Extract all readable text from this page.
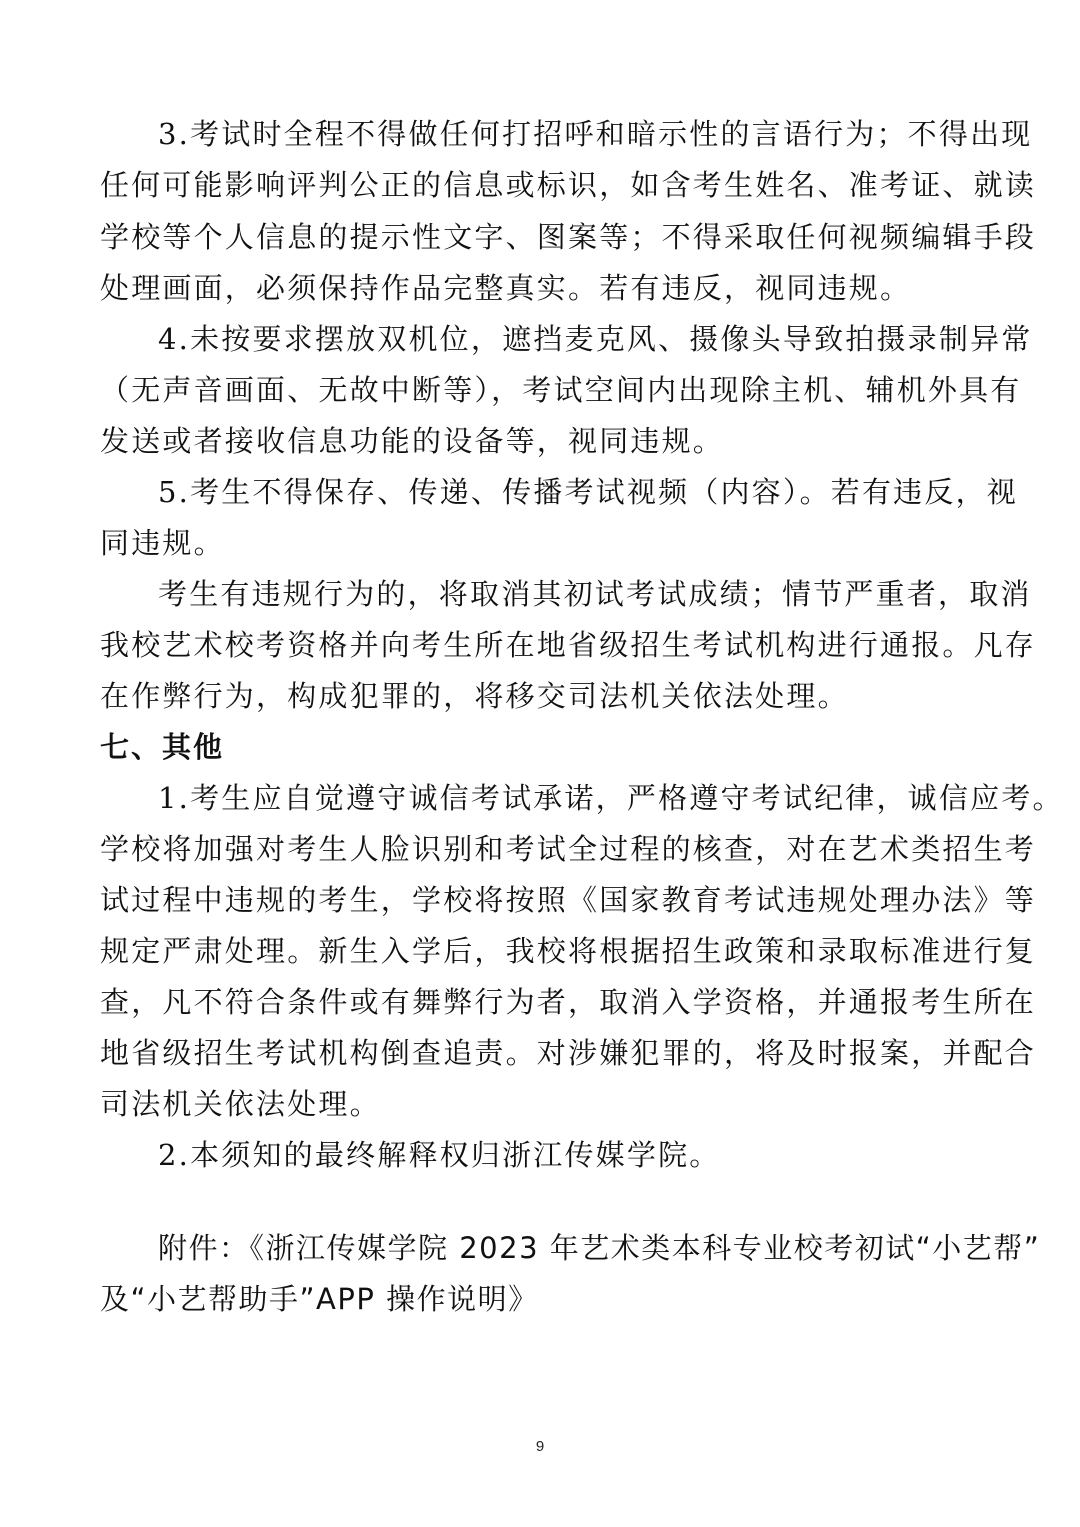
3.考试时全程不得做任何打招呼和暗示性的言语行为；不得出现
任何可能影响评判公正的信息或标识，如含考生姓名、准考证、就读
学校等个人信息的提示性文字、图案等；不得采取任何视频编辑手段
处理画面，必须保持作品完整真实。若有违反，视同违规。
4.未按要求摆放双机位，遮挡麦克风、摄像头导致拍摄录制异常
（无声音画面、无故中断等），考试空间内出现除主机、辅机外具有
发送或者接收信息功能的设备等，视同违规。
5.考生不得保存、传递、传播考试视频（内容）。若有违反，视
同违规。
考生有违规行为的，将取消其初试考试成绩；情节严重者，取消
我校艺术校考资格并向考生所在地省级招生考试机构进行通报。凡存
在作弊行为，构成犯罪的，将移交司法机关依法处理。
七、其他
1.考生应自觉遵守诚信考试承诺，严格遵守考试纪律，诚信应考。
学校将加强对考生人脸识别和考试全过程的核查，对在艺术类招生考
试过程中违规的考生，学校将按照《国家教育考试违规处理办法》等
规定严肃处理。新生入学后，我校将根据招生政策和录取标准进行复
查，凡不符合条件或有舞弊行为者，取消入学资格，并通报考生所在
地省级招生考试机构倒查追责。对涉嫌犯罪的，将及时报案，并配合
司法机关依法处理。
2.本须知的最终解释权归浙江传媒学院。
附件：《浙江传媒学院 2023 年艺术类本科专业校考初试“小艺帮”
及“小艺帮助手”APP 操作说明》
9
